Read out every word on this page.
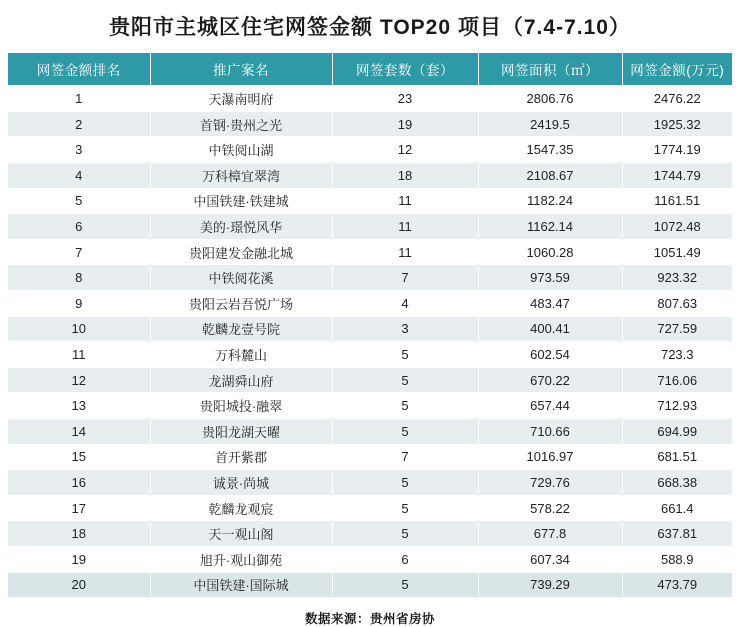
贵阳市主城区住宅网签金额 TOP20 项目（7.4-7.10）
网签金额排名	推广案名	网签套数（套）	网签面积（㎡）	网签金额(万元)
1	天瀑南明府	23	2806.76	2476.22
2	首钢·贵州之光	19	2419.5	1925.32
3	中铁阅山湖	12	1547.35	1774.19
4	万科樟宜翠湾	18	2108.67	1744.79
5	中国铁建·铁建城	11	1182.24	1161.51
6	美的·璟悦风华	11	1162.14	1072.48
7	贵阳建发金融北城	11	1060.28	1051.49
8	中铁阅花溪	7	973.59	923.32
9	贵阳云岩吾悦广场	4	483.47	807.63
10	乾麟龙壹号院	3	400.41	727.59
11	万科麓山	5	602.54	723.3
12	龙湖舜山府	5	670.22	716.06
13	贵阳城投·融翠	5	657.44	712.93
14	贵阳龙湖天曜	5	710.66	694.99
15	首开紫郡	7	1016.97	681.51
16	诚景·尚城	5	729.76	668.38
17	乾麟龙观宸	5	578.22	661.4
18	天一观山阁	5	677.8	637.81
19	旭升·观山御苑	6	607.34	588.9
20	中国铁建·国际城	5	739.29	473.79
数据来源：贵州省房协
